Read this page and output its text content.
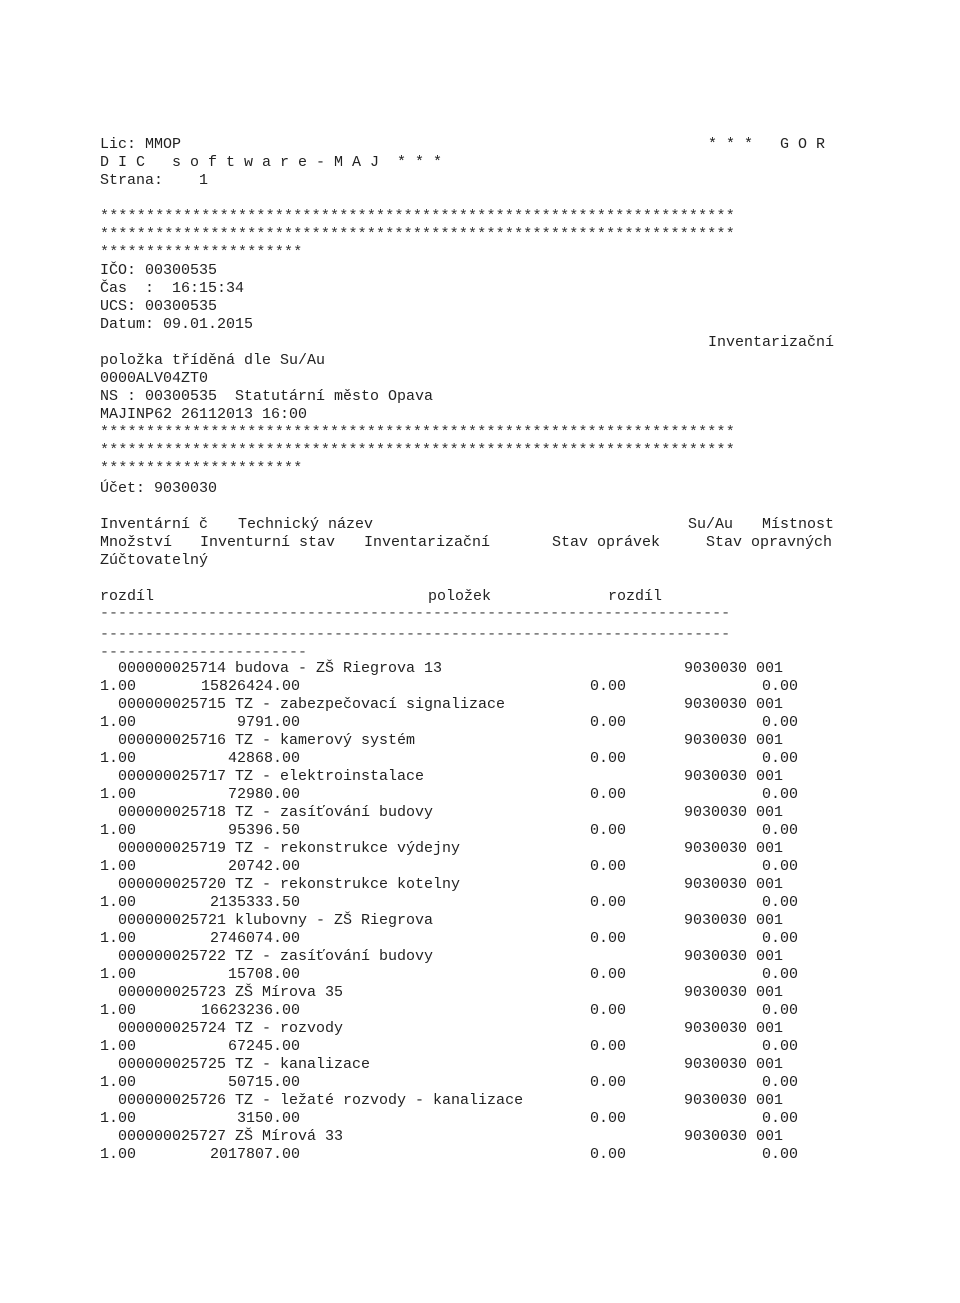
Lic: MMOP	* * *   G O R
D I C   s o f t w a r e - M A J  * * *
Strana:    1
*********************************************************************
*********************************************************************
**********************
IČO: 00300535
Čas  :  16:15:34
UCS: 00300535
Datum: 09.01.2015
Inventarizační
položka tříděná dle Su/Au
0000ALV04ZT0
NS : 00300535  Statutární město Opava
MAJINP62 26112013 16:00
*********************************************************************
*********************************************************************
**********************
Účet: 9030030
Inventární č Technický název	Su/Au Místnost
Množství Inventurní stav Inventarizační	Stav oprávek	Stav opravných
Zúčtovatelný
rozdíl	položek	rozdíl
----------------------------------------------------------------------
----------------------------------------------------------------------
-----------------------
000000025714 budova - ZŠ Riegrova 13	9030030 001
1.00	15826424.00	0.00	0.00
000000025715 TZ - zabezpečovací signalizace	9030030 001
1.00	9791.00	0.00	0.00
000000025716 TZ - kamerový systém	9030030 001
1.00	42868.00	0.00	0.00
000000025717 TZ - elektroinstalace	9030030 001
1.00	72980.00	0.00	0.00
000000025718 TZ - zasíťování budovy	9030030 001
1.00	95396.50	0.00	0.00
000000025719 TZ - rekonstrukce výdejny	9030030 001
1.00	20742.00	0.00	0.00
000000025720 TZ - rekonstrukce kotelny	9030030 001
1.00	2135333.50	0.00	0.00
000000025721 klubovny - ZŠ Riegrova	9030030 001
1.00	2746074.00	0.00	0.00
000000025722 TZ - zasíťování budovy	9030030 001
1.00	15708.00	0.00	0.00
000000025723 ZŠ Mírova 35	9030030 001
1.00	16623236.00	0.00	0.00
000000025724 TZ - rozvody	9030030 001
1.00	67245.00	0.00	0.00
000000025725 TZ - kanalizace	9030030 001
1.00	50715.00	0.00	0.00
000000025726 TZ - ležaté rozvody - kanalizace	9030030 001
1.00	3150.00	0.00	0.00
000000025727 ZŠ Mírová 33	9030030 001
1.00	2017807.00	0.00	0.00
